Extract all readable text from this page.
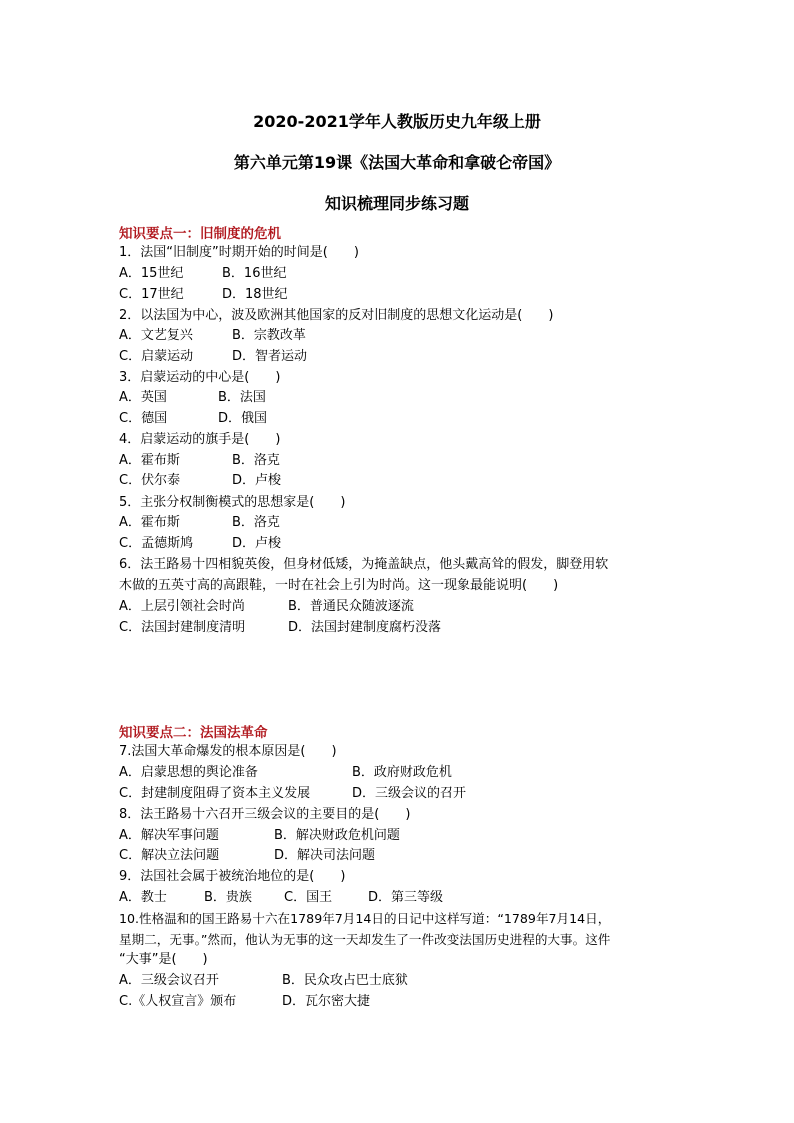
2020-2021学年人教版历史九年级上册
第六单元第19课《法国大革命和拿破仑帝国》
知识梳理同步练习题
知识要点一：旧制度的危机
1．法国“旧制度”时期开始的时间是(　　)
A．15世纪	B．16世纪
C．17世纪	D．18世纪
2．以法国为中心，波及欧洲其他国家的反对旧制度的思想文化运动是(　　)
A．文艺复兴	B．宗教改革
C．启蒙运动	D．智者运动
3．启蒙运动的中心是(　　)
A．英国	B．法国
C．德国	D．俄国
4．启蒙运动的旗手是(　　)
A．霍布斯	B．洛克
C．伏尔泰	D．卢梭
5．主张分权制衡模式的思想家是(　　)
A．霍布斯	B．洛克
C．孟德斯鸠	D．卢梭
6．法王路易十四相貌英俊，但身材低矮，为掩盖缺点，他头戴高耸的假发，脚登用软
木做的五英寸高的高跟鞋，一时在社会上引为时尚。这一现象最能说明(　　)
A．上层引领社会时尚	B．普通民众随波逐流
C．法国封建制度清明	D．法国封建制度腐朽没落
知识要点二：法国法革命
7.法国大革命爆发的根本原因是(　　)
A．启蒙思想的舆论准备	B．政府财政危机
C．封建制度阻碍了资本主义发展	D．三级会议的召开
8．法王路易十六召开三级会议的主要目的是(　　)
A．解决军事问题	B．解决财政危机问题
C．解决立法问题	D．解决司法问题
9．法国社会属于被统治地位的是(　　)
A．教士	B．贵族 C．国王	D．第三等级
10.性格温和的国王路易十六在1789年7月14日的日记中这样写道：“1789年7月14日，
星期二，无事。”然而，他认为无事的这一天却发生了一件改变法国历史进程的大事。这件
“大事”是(　　)
A．三级会议召开	B．民众攻占巴士底狱
C.《人权宣言》颁布	D．瓦尔密大捷
